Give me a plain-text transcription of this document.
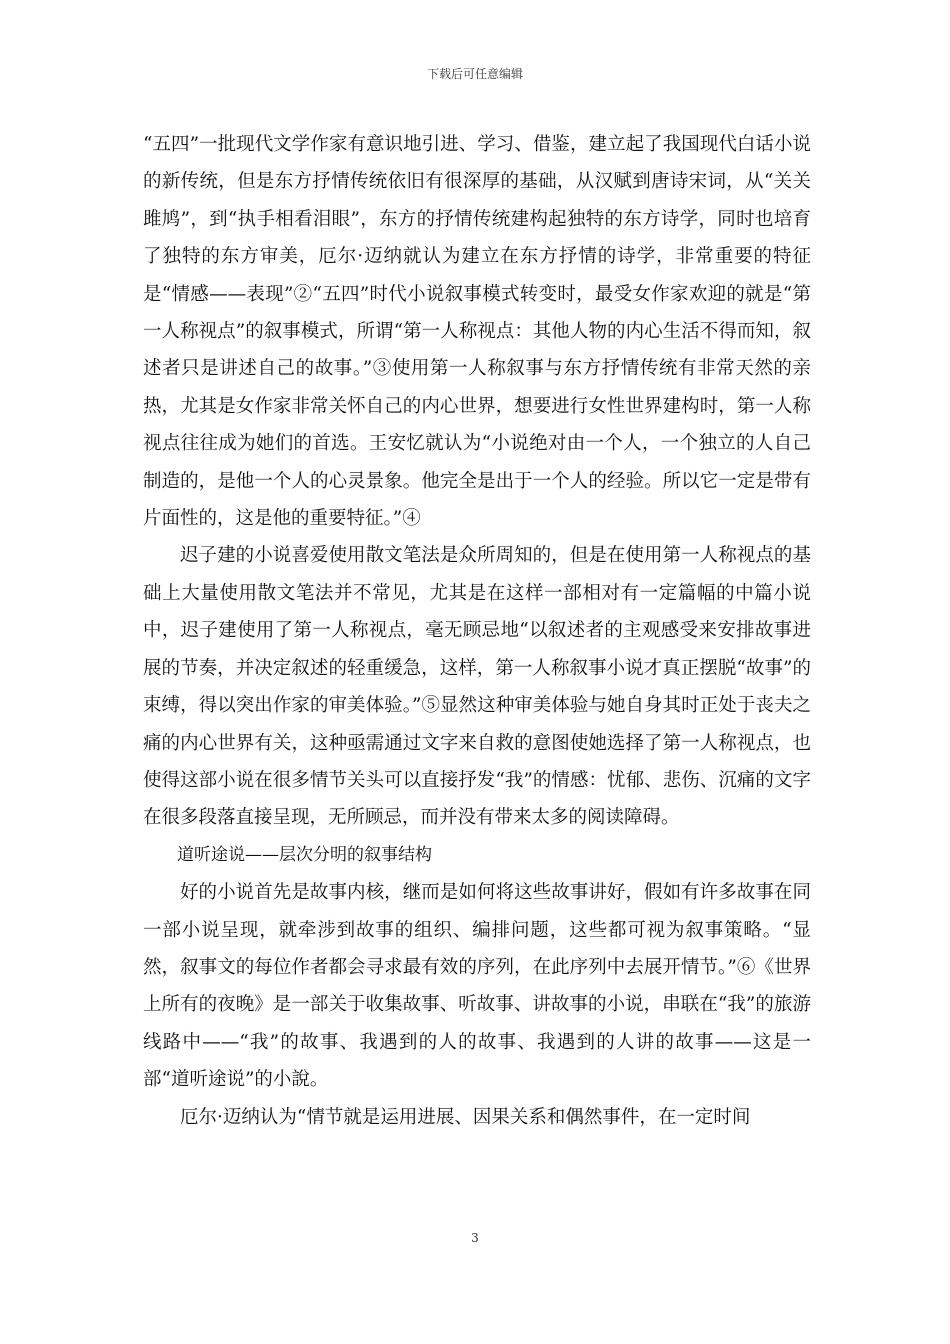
下载后可任意编辑

“五四”一批现代文学作家有意识地引进、学习、借鉴，建立起了我国现代白话小说的新传统，但是东方抒情传统依旧有很深厚的基础，从汉赋到唐诗宋词，从“关关雎鸠”，到“执手相看泪眼”，东方的抒情传统建构起独特的东方诗学，同时也培育了独特的东方审美，厄尔·迈纳就认为建立在东方抒情的诗学，非常重要的特征是“情感——表现”②“五四”时代小说叙事模式转变时，最受女作家欢迎的就是“第一人称视点”的叙事模式，所谓“第一人称视点：其他人物的内心生活不得而知，叙述者只是讲述自己的故事。”③使用第一人称叙事与东方抒情传统有非常天然的亲热，尤其是女作家非常关怀自己的内心世界，想要进行女性世界建构时，第一人称视点往往成为她们的首选。王安忆就认为“小说绝对由一个人，一个独立的人自己制造的，是他一个人的心灵景象。他完全是出于一个人的经验。所以它一定是带有片面性的，这是他的重要特征。”④

迟子建的小说喜爱使用散文笔法是众所周知的，但是在使用第一人称视点的基础上大量使用散文笔法并不常见，尤其是在这样一部相对有一定篇幅的中篇小说中，迟子建使用了第一人称视点，毫无顾忌地“以叙述者的主观感受来安排故事进展的节奏，并决定叙述的轻重缓急，这样，第一人称叙事小说才真正摆脱“故事”的束缚，得以突出作家的审美体验。”⑤显然这种审美体验与她自身其时正处于丧夫之痛的内心世界有关，这种亟需通过文字来自救的意图使她选择了第一人称视点，也使得这部小说在很多情节关头可以直接抒发“我”的情感：忧郁、悲伤、沉痛的文字在很多段落直接呈现，无所顾忌，而并没有带来太多的阅读障碍。

道听途说——层次分明的叙事结构

好的小说首先是故事内核，继而是如何将这些故事讲好，假如有许多故事在同一部小说呈现，就牵涉到故事的组织、编排问题，这些都可视为叙事策略。“显然，叙事文的每位作者都会寻求最有效的序列，在此序列中去展开情节。”⑥《世界上所有的夜晚》是一部关于收集故事、听故事、讲故事的小说，串联在“我”的旅游线路中——“我”的故事、我遇到的人的故事、我遇到的人讲的故事——这是一部“道听途说”的小說。

厄尔·迈纳认为“情节就是运用进展、因果关系和偶然事件，在一定时间

3
